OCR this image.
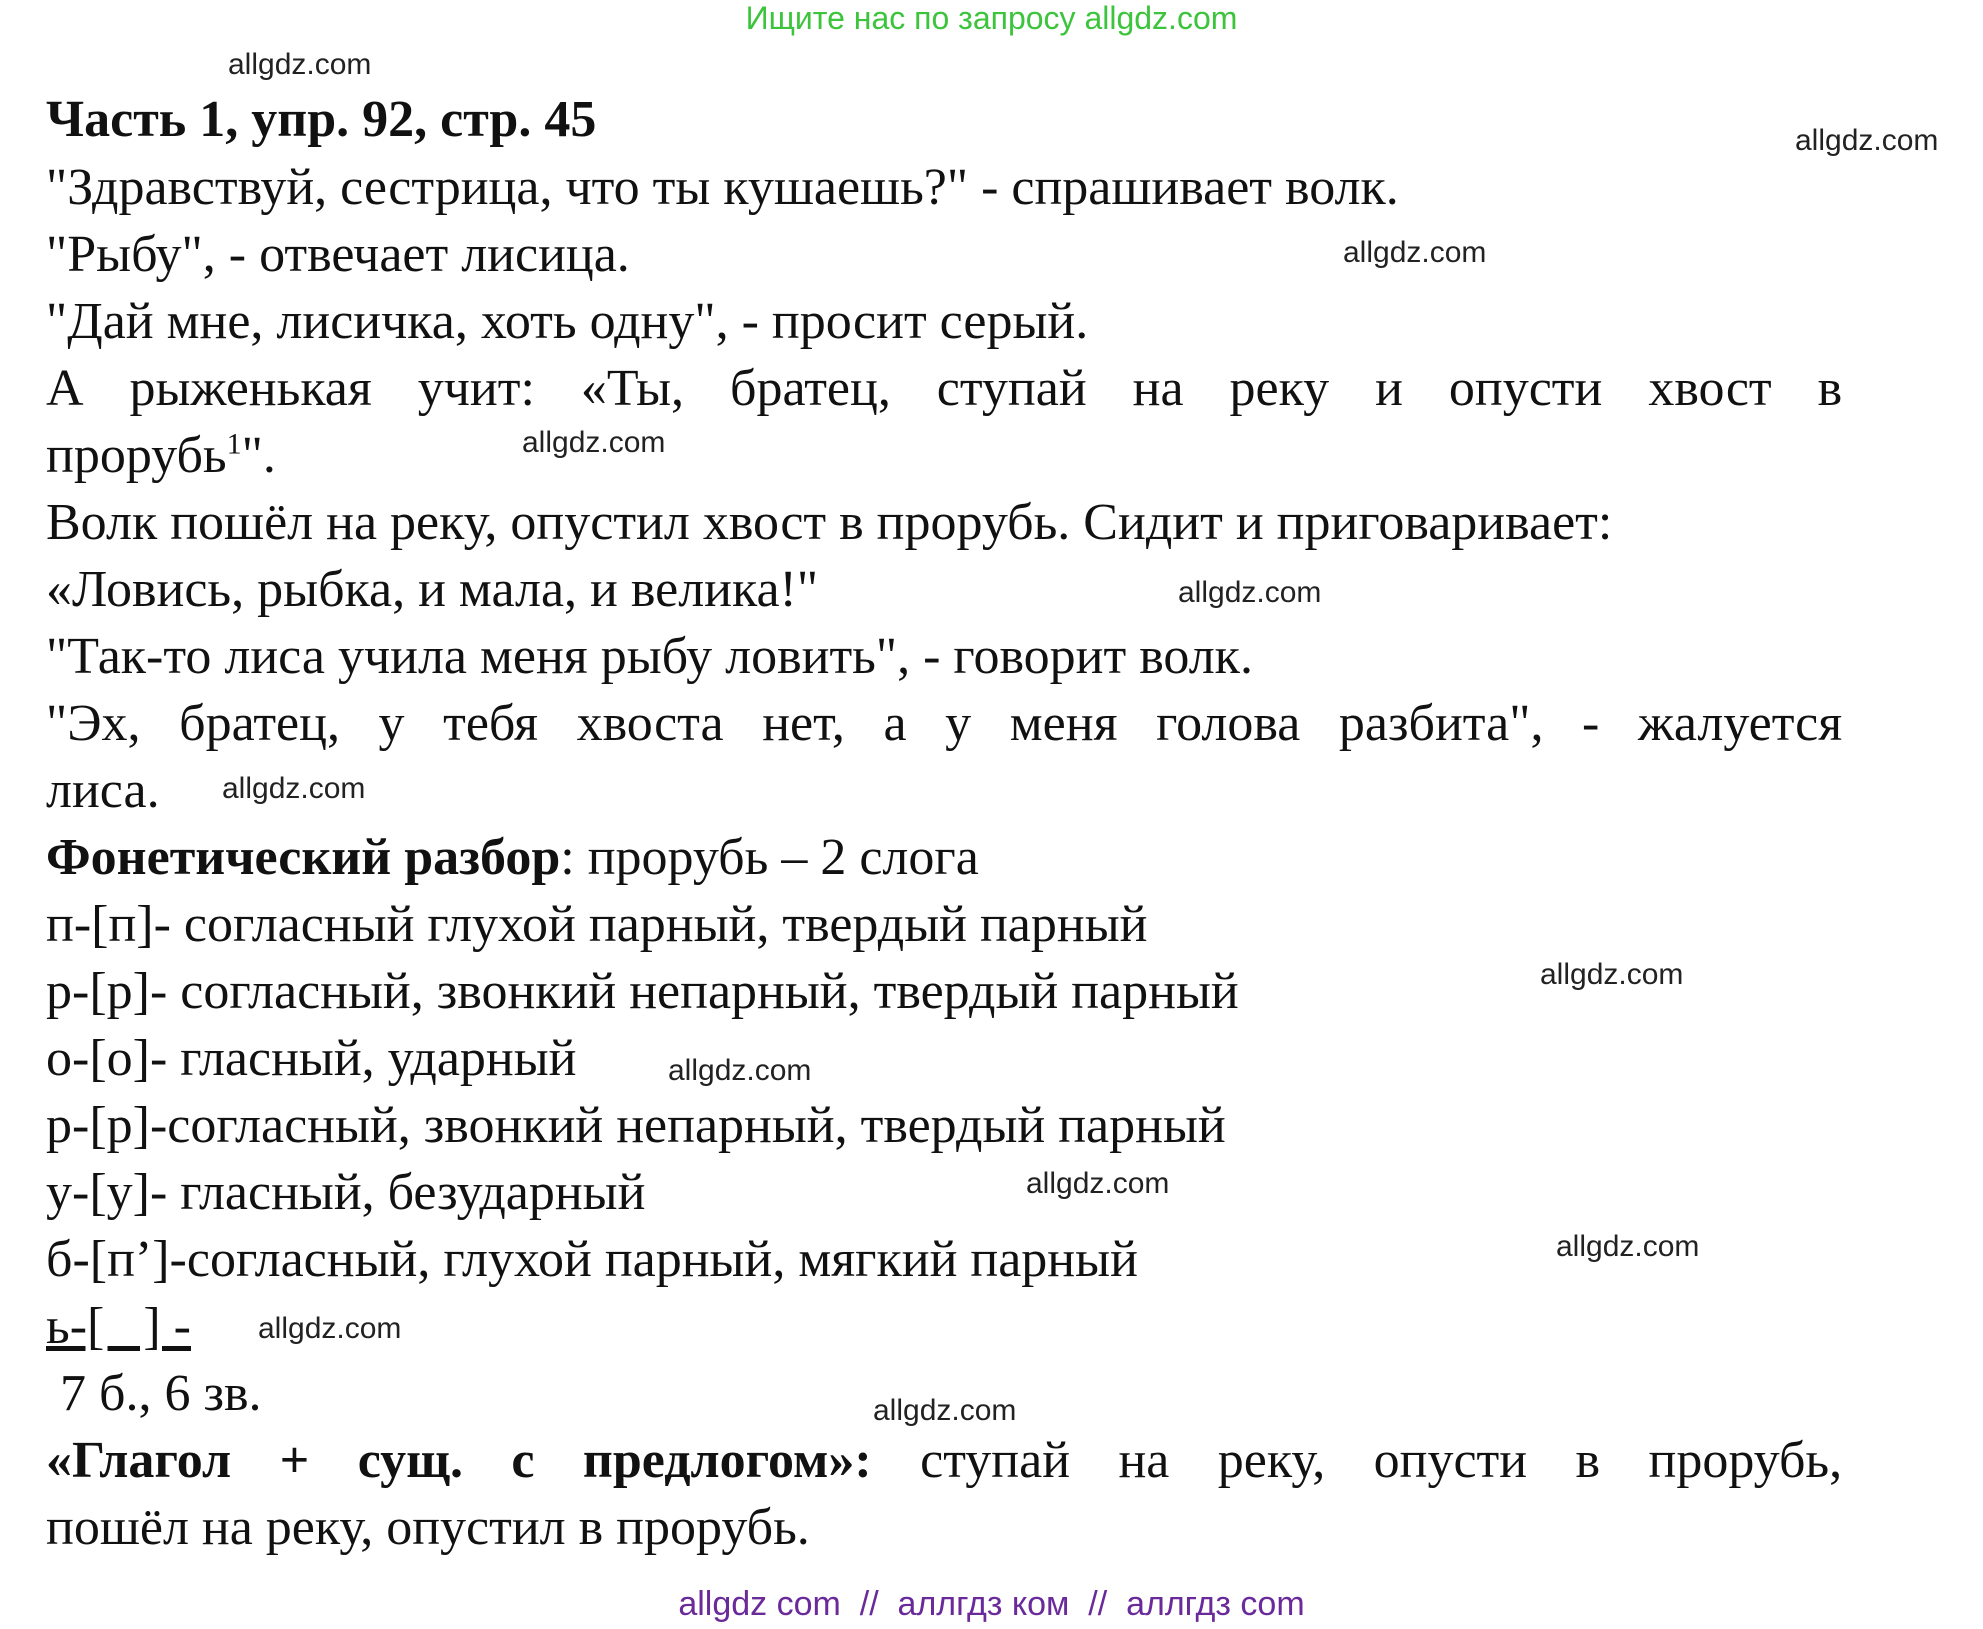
Ищите нас по запросу allgdz.com
allgdz.com
allgdz.com
allgdz.com
allgdz.com
allgdz.com
allgdz.com
allgdz.com
allgdz.com
allgdz.com
allgdz.com
allgdz.com
allgdz.com
Часть 1, упр. 92, стр. 45
"Здравствуй, сестрица, что ты кушаешь?" - спрашивает волк.
"Рыбу", - отвечает лисица.
"Дай мне, лисичка, хоть одну", - просит серый.
А рыженькая учит: «Ты, братец, ступай на реку и опусти хвост в
прорубь$^1$".
Волк пошёл на реку, опустил хвост в прорубь. Сидит и приговаривает:
«Ловись, рыбка, и мала, и велика!"
"Так-то лиса учила меня рыбу ловить", - говорит волк.
"Эх, братец, у тебя хвоста нет, а у меня голова разбита", - жалуется
лиса.
Фонетический разбор: прорубь – 2 слога
п-[п]- согласный глухой парный, твердый парный
р-[р]- согласный, звонкий непарный, твердый парный
о-[о]- гласный, ударный
р-[р]-согласный, звонкий непарный, твердый парный
у-[у]- гласный, безударный
б-[п’]-согласный, глухой парный, мягкий парный
ь-[   ] -
7 б., 6 зв.
«Глагол + сущ. с предлогом»: ступай на реку, опусти в прорубь,
пошёл на реку, опустил в прорубь.
allgdz com  //  аллгдз ком  //  аллгдз com
